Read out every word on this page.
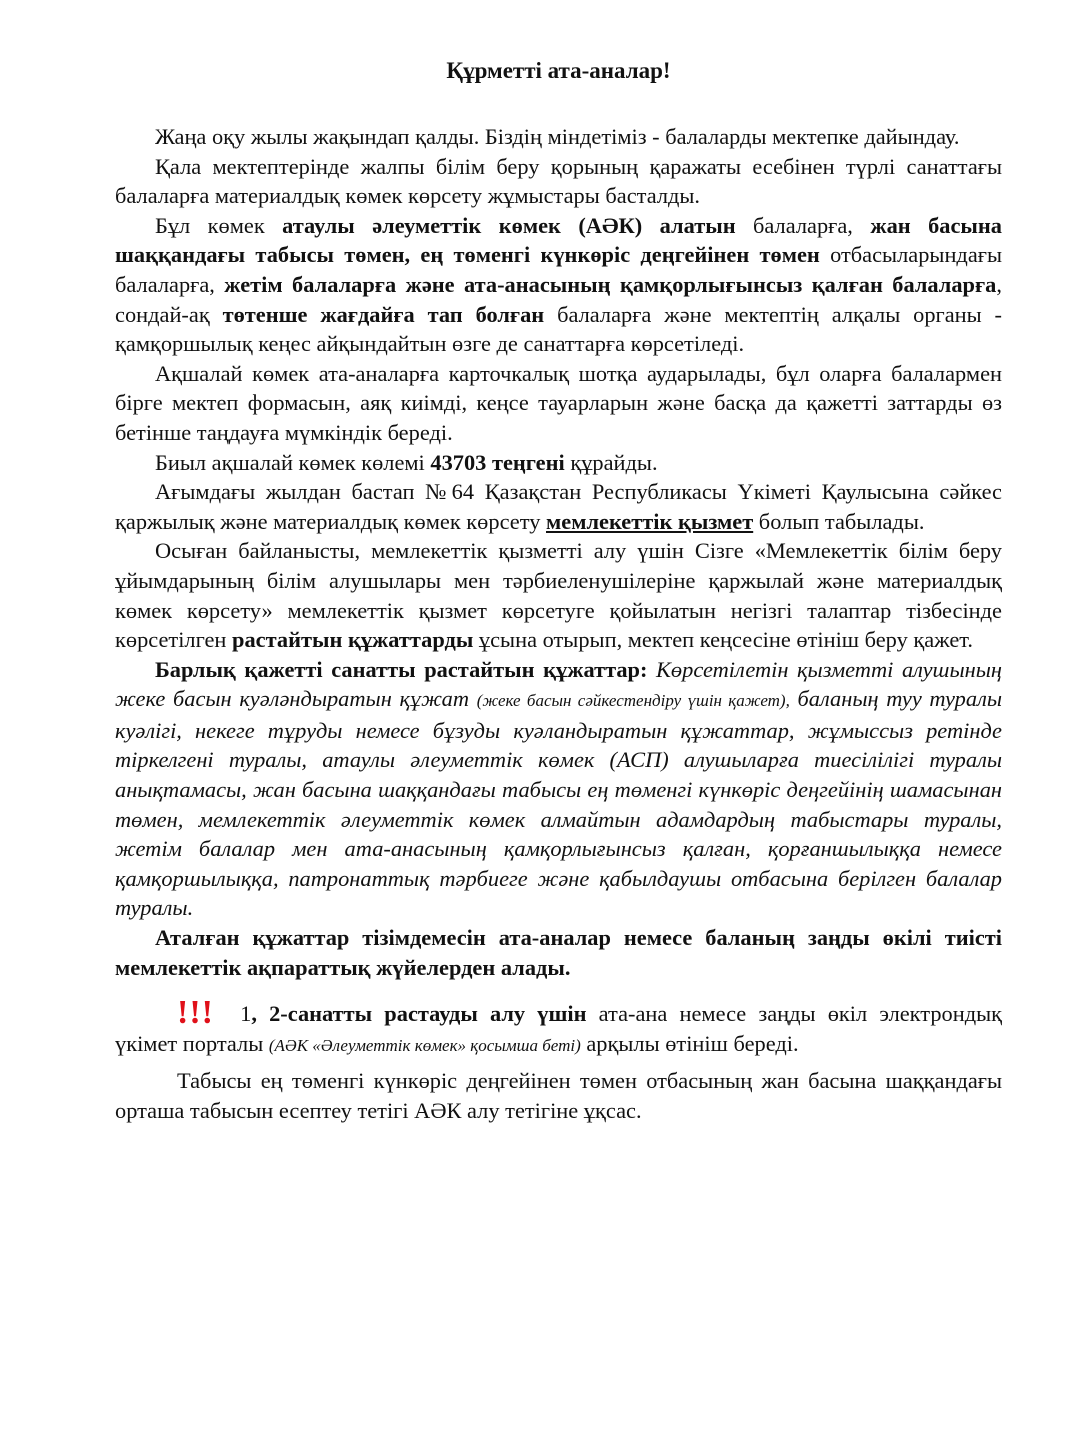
Құрметті ата-аналар!

Жаңа оқу жылы жақындап қалды. Біздің міндетіміз - балаларды мектепке дайындау.

Қала мектептерінде жалпы білім беру қорының қаражаты есебінен түрлі санаттағы балаларға материалдық көмек көрсету жұмыстары басталды.

Бұл көмек атаулы әлеуметтік көмек (АӘК) алатын балаларға, жан басына шаққандағы табысы төмен, ең төменгі күнкөріс деңгейінен төмен отбасыларындағы балаларға, жетім балаларға және ата-анасының қамқорлығынсыз қалған балаларға, сондай-ақ төтенше жағдайға тап болған балаларға және мектептің алқалы органы - қамқоршылық кеңес айқындайтын өзге де санаттарға көрсетіледі.

Ақшалай көмек ата-аналарға карточкалық шотқа аударылады, бұл оларға балалармен бірге мектеп формасын, аяқ киімді, кеңсе тауарларын және басқа да қажетті заттарды өз бетінше таңдауға мүмкіндік береді.

Биыл ақшалай көмек көлемі 43703 теңгені құрайды.

Ағымдағы жылдан бастап №64 Қазақстан Республикасы Үкіметі Қаулысына сәйкес қаржылық және материалдық көмек көрсету мемлекеттік қызмет болып табылады.

Осыған байланысты, мемлекеттік қызметті алу үшін Сізге «Мемлекеттік білім беру ұйымдарының білім алушылары мен тәрбиеленушілеріне қаржылай және материалдық көмек көрсету» мемлекеттік қызмет көрсетуге қойылатын негізгі талаптар тізбесінде көрсетілген растайтын құжаттарды ұсына отырып, мектеп кеңсесіне өтініш беру қажет.

Барлық қажетті санатты растайтын құжаттар: Көрсетілетін қызметті алушының жеке басын куәләндыратын құжат (жеке басын сәйкестендіру үшін қажет), баланың туу туралы куәлігі, некеге тұруды немесе бұзуды куәландыратын құжаттар, жұмыссыз ретінде тіркелгені туралы, атаулы әлеуметтік көмек (АСП) алушыларға тиесілілігі туралы анықтамасы, жан басына шаққандағы табысы ең төменгі күнкөріс деңгейінің шамасынан төмен, мемлекеттік әлеуметтік көмек алмайтын адамдардың табыстары туралы, жетім балалар мен ата-анасының қамқорлығынсыз қалған, қорғаншылыққа немесе қамқоршылыққа, патронаттық тәрбиеге және қабылдаушы отбасына берілген балалар туралы.

Аталған құжаттар тізімдемесін ата-аналар немесе баланың заңды өкілі тиісті мемлекеттік ақпараттық жүйелерден алады.

!!! 1, 2-санатты растауды алу үшін ата-ана немесе заңды өкіл электрондық үкімет порталы (АӘК «Әлеуметтік көмек» қосымша беті) арқылы өтініш береді.

Табысы ең төменгі күнкөріс деңгейінен төмен отбасының жан басына шаққандағы орташа табысын есептеу тетігі АӘК алу тетігіне ұқсас.
